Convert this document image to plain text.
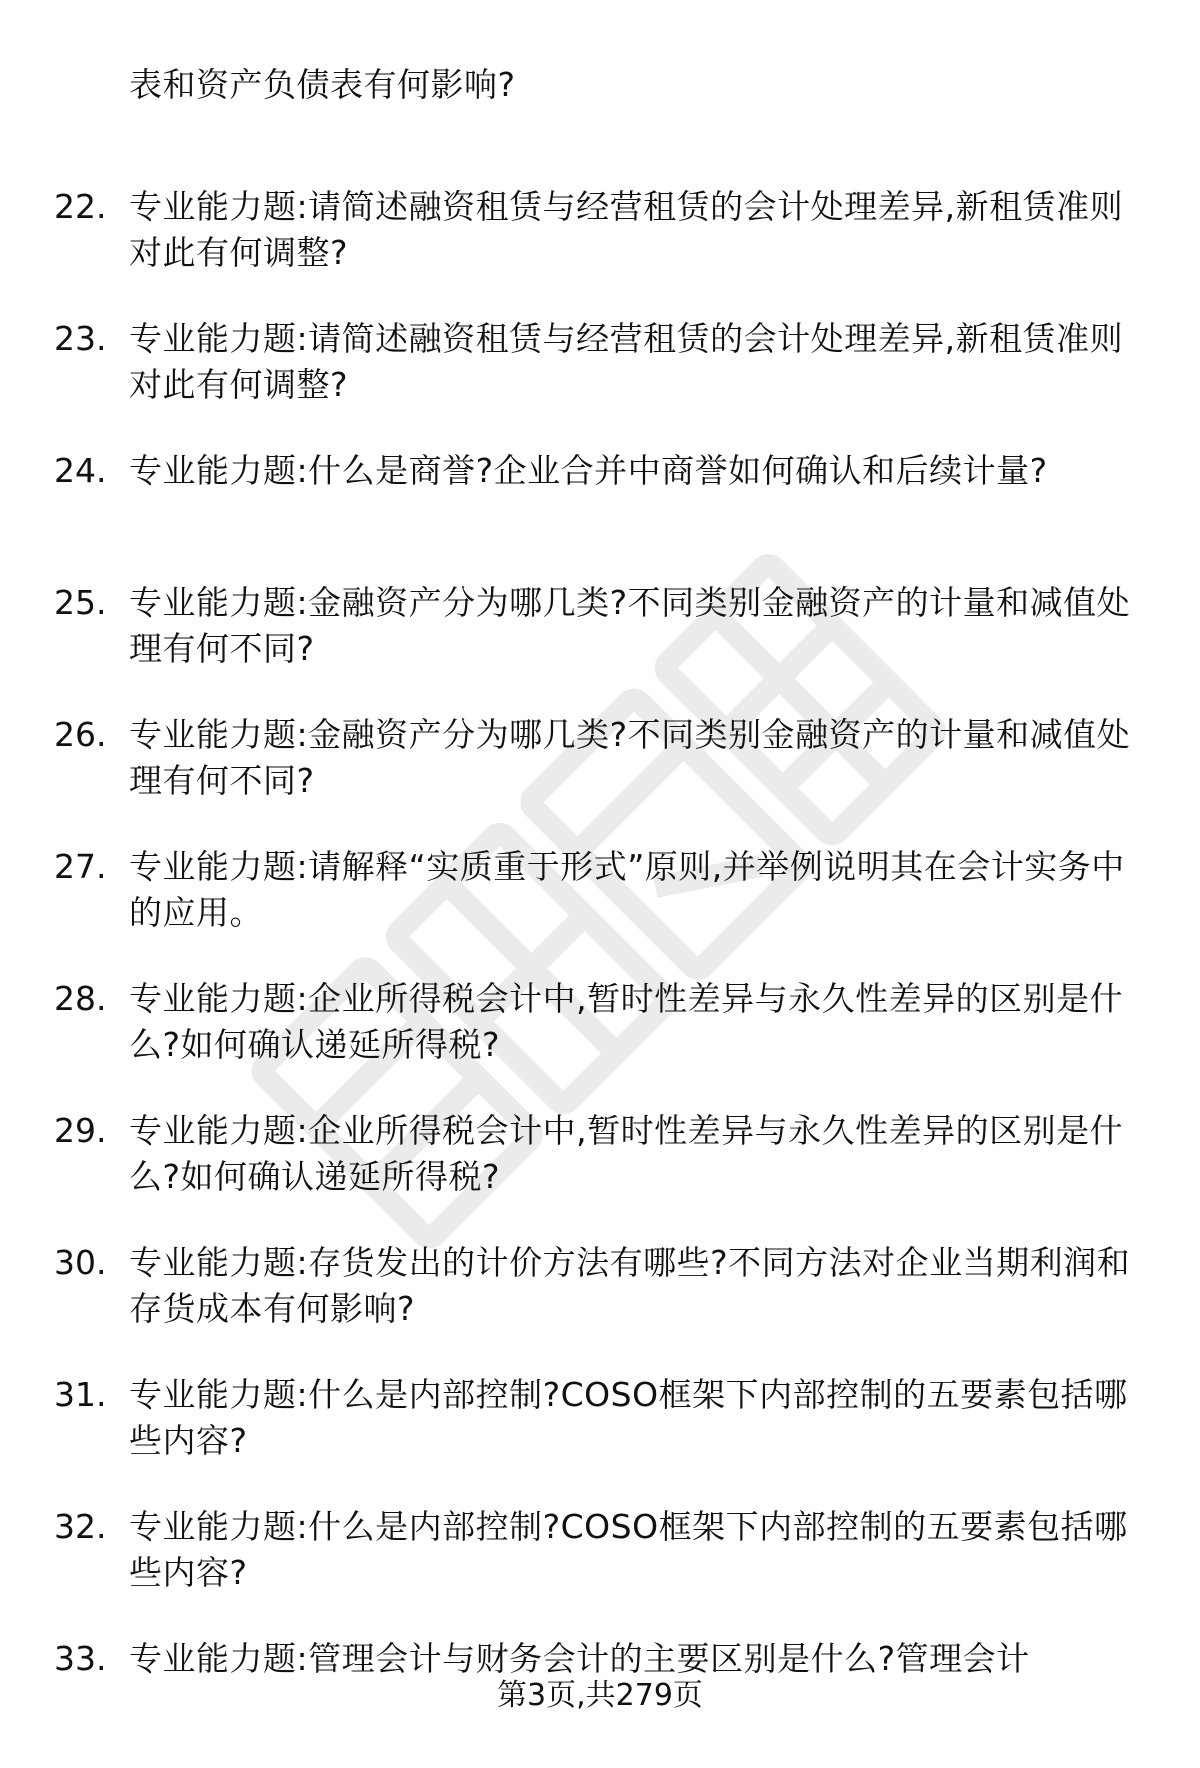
表和资产负债表有何影响?
22. 专业能力题:请简述融资租赁与经营租赁的会计处理差异,新租赁准则对此有何调整?
23. 专业能力题:请简述融资租赁与经营租赁的会计处理差异,新租赁准则对此有何调整?
24. 专业能力题:什么是商誉?企业合并中商誉如何确认和后续计量?
25. 专业能力题:金融资产分为哪几类?不同类别金融资产的计量和减值处理有何不同?
26. 专业能力题:金融资产分为哪几类?不同类别金融资产的计量和减值处理有何不同?
27. 专业能力题:请解释“实质重于形式”原则,并举例说明其在会计实务中的应用。
28. 专业能力题:企业所得税会计中,暂时性差异与永久性差异的区别是什么?如何确认递延所得税?
29. 专业能力题:企业所得税会计中,暂时性差异与永久性差异的区别是什么?如何确认递延所得税?
30. 专业能力题:存货发出的计价方法有哪些?不同方法对企业当期利润和存货成本有何影响?
31. 专业能力题:什么是内部控制?COSO框架下内部控制的五要素包括哪些内容?
32. 专业能力题:什么是内部控制?COSO框架下内部控制的五要素包括哪些内容?
33. 专业能力题:管理会计与财务会计的主要区别是什么?管理会计
第3页,共279页
